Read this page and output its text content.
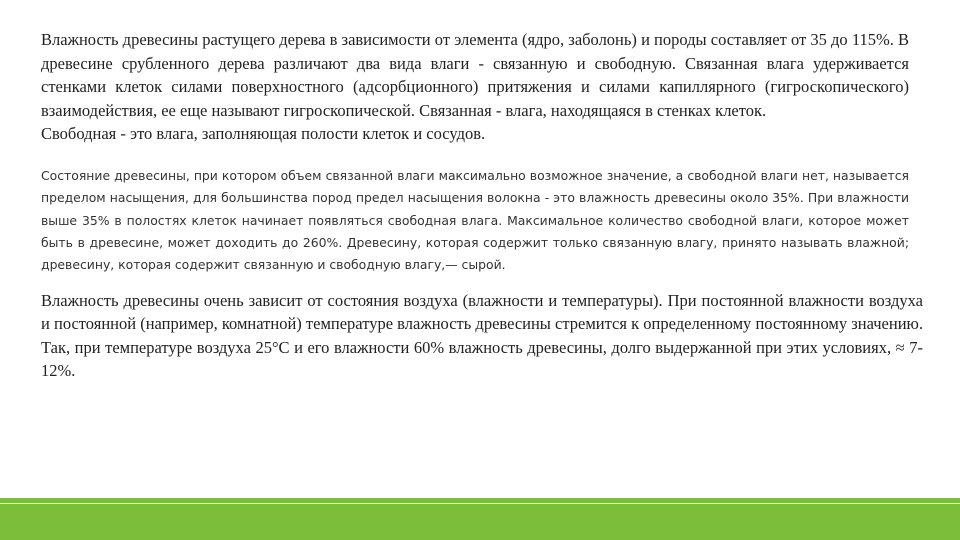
Влажность древесины растущего дерева в зависимости от элемента (ядро, заболонь) и породы составляет от 35 до 115%. В древесине срубленного дерева различают два вида влаги - связанную и свободную. Связанная влага удерживается стенками клеток силами поверхностного (адсорбционного) притяжения и силами капиллярного (гигроскопического) взаимодействия, ее еще называют гигроскопической. Связанная - влага, находящаяся в стенках клеток.

Свободная - это влага, заполняющая полости клеток и сосудов.

Состояние древесины, при котором объем связанной влаги максимально возможное значение, а свободной влаги нет, называется пределом насыщения, для большинства пород предел насыщения волокна - это влажность древесины около 35%. При влажности выше 35% в полостях клеток начинает появляться свободная влага. Максимальное количество свободной влаги, которое может быть в древесине, может доходить до 260%. Древесину, которая содержит только связанную влагу, принято называть влажной; древесину, которая содержит связанную и свободную влагу,— сырой.

Влажность древесины очень зависит от состояния воздуха (влажности и температуры). При постоянной влажности воздуха и постоянной (например, комнатной) температуре влажность древесины стремится к определенному постоянному значению. Так, при температуре воздуха 25°C и его влажности 60% влажность древесины, долго выдержанной при этих условиях, ≈ 7-12%.
